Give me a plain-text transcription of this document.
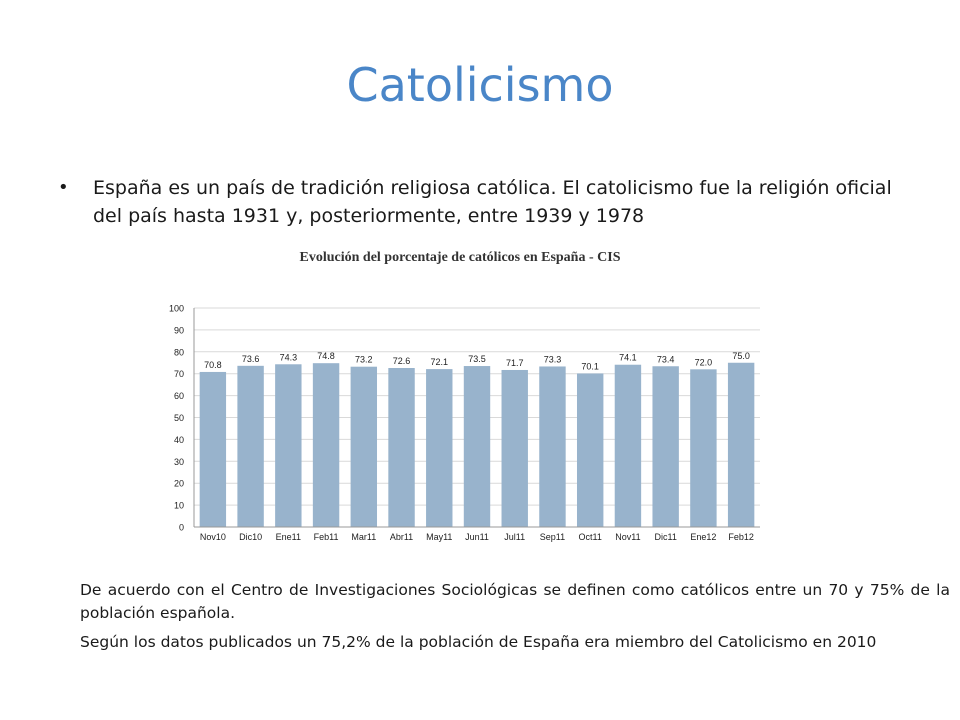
Catolicismo
• España es un país de tradición religiosa católica. El catolicismo fue la religión oficial del país hasta 1931 y, posteriormente, entre 1939 y 1978
Evolución del porcentaje de católicos en España - CIS
70.8
73.6 74.3 74.8 73.2 72.6 72.1 73.5 71.7 73.3
70.1
74.1 73.4 72.0
75.0
0
10
20
30
40
50
60
70
80
90
100
Nov10 Dic10 Ene11 Feb11 Mar11 Abr11 May11 Jun11 Jul11 Sep11 Oct11 Nov11 Dic11 Ene12 Feb12

De acuerdo con el Centro de Investigaciones Sociológicas se definen como católicos entre un 70 y 75% de la población española.

Según los datos publicados un 75,2% de la población de España era miembro del Catolicismo en 2010
